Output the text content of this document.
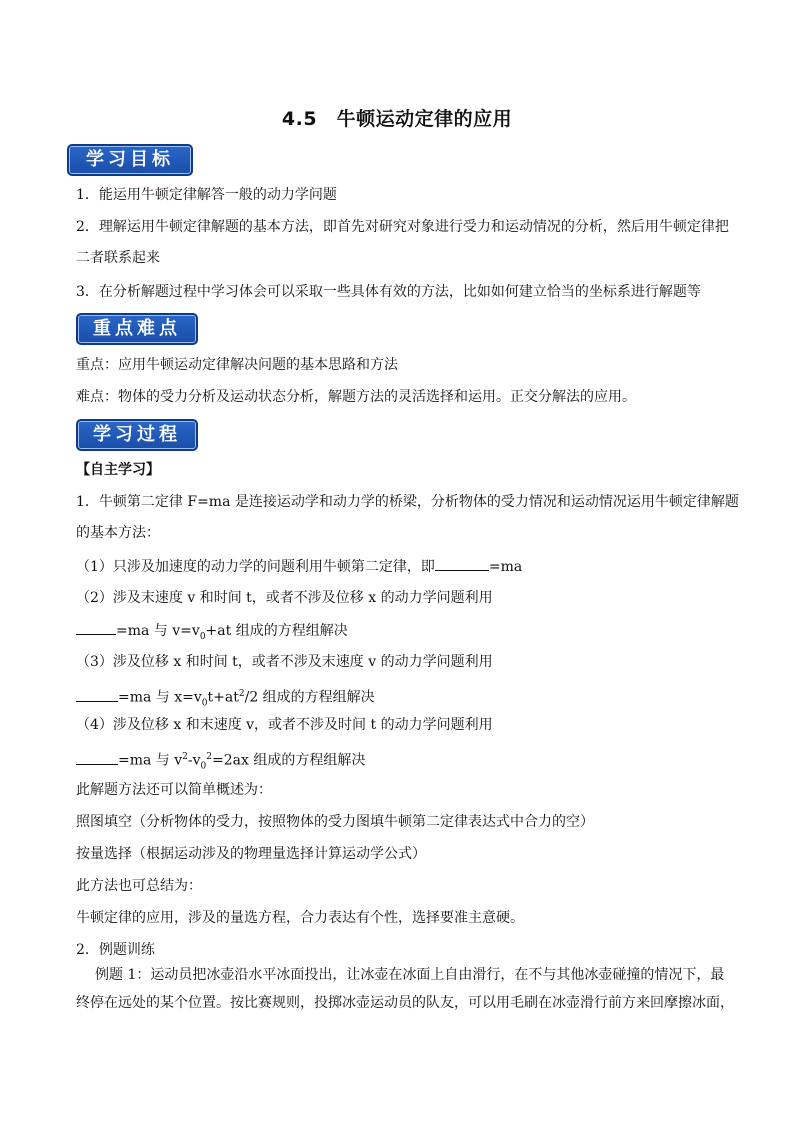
4.5　牛顿运动定律的应用
学习目标
1．能运用牛顿定律解答一般的动力学问题
2．理解运用牛顿定律解题的基本方法，即首先对研究对象进行受力和运动情况的分析，然后用牛顿定律把
二者联系起来
3．在分析解题过程中学习体会可以采取一些具体有效的方法，比如如何建立恰当的坐标系进行解题等
重点难点
重点：应用牛顿运动定律解决问题的基本思路和方法
难点：物体的受力分析及运动状态分析，解题方法的灵活选择和运用。正交分解法的应用。
学习过程
【自主学习】
1．牛顿第二定律 F=ma 是连接运动学和动力学的桥梁，分析物体的受力情况和运动情况运用牛顿定律解题
的基本方法：
（1）只涉及加速度的动力学的问题利用牛顿第二定律，即	=ma
（2）涉及末速度 v 和时间 t，或者不涉及位移 x 的动力学问题利用
=ma 与 $v=v_0+at$ 组成的方程组解决
（3）涉及位移 x 和时间 t，或者不涉及末速度 v 的动力学问题利用
=ma 与 $x=v_0t+at^2/2$ 组成的方程组解决
（4）涉及位移 x 和末速度 v，或者不涉及时间 t 的动力学问题利用
=ma 与 $v^2-v_0^2=2ax$ 组成的方程组解决
此解题方法还可以简单概述为：
照图填空（分析物体的受力，按照物体的受力图填牛顿第二定律表达式中合力的空）
按量选择（根据运动涉及的物理量选择计算运动学公式）
此方法也可总结为：
牛顿定律的应用，涉及的量选方程，合力表达有个性，选择要准主意硬。
2．例题训练
例题 1：运动员把冰壶沿水平冰面投出，让冰壶在冰面上自由滑行，在不与其他冰壶碰撞的情况下，最
终停在远处的某个位置。按比赛规则，投掷冰壶运动员的队友，可以用毛刷在冰壶滑行前方来回摩擦冰面，
